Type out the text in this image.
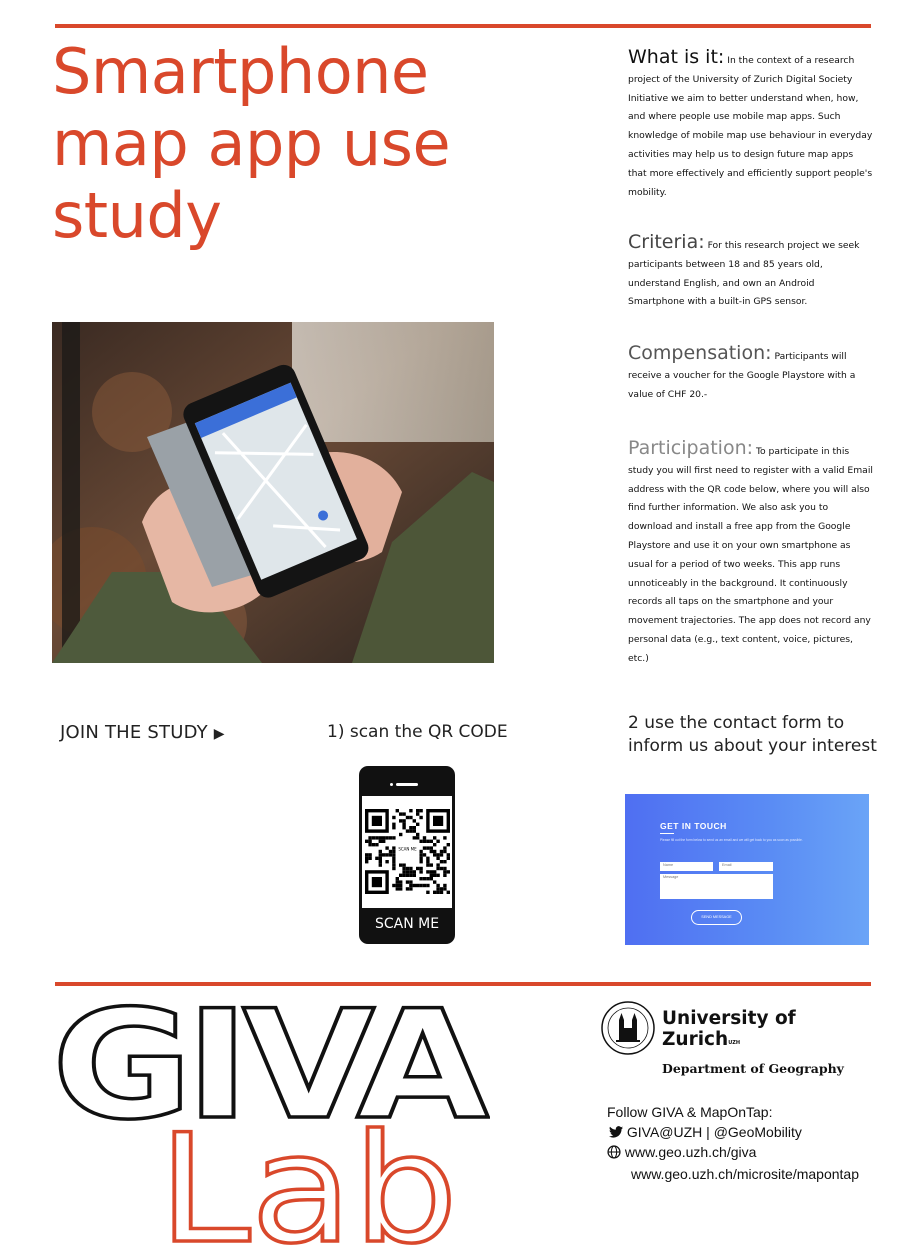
Smartphone
map app use
study
What is it: In the context of a research project of the University of Zurich Digital Society Initiative we aim to better understand when, how, and where people use mobile map apps. Such knowledge of mobile map use behaviour in everyday activities may help us to design future map apps that more effectively and efficiently support people's mobility.
Criteria: For this research project we seek participants between 18 and 85 years old, understand English, and own an Android Smartphone with a built-in GPS sensor.
Compensation: Participants will receive a voucher for the Google Playstore with a value of CHF 20.-
Participation: To participate in this study you will first need to register with a valid Email address with the QR code below, where you will also find further information. We also ask you to download and install a free app from the Google Playstore and use it on your own smartphone as usual for a period of two weeks. This app runs unnoticeably in the background. It continuously records all taps on the smartphone and your movement trajectories. The app does not record any personal data (e.g., text content, voice, pictures, etc.)
JOIN THE STUDY ▶	1) scan the QR CODE
SCAN ME
SCAN ME
2 use the contact form to inform us about your interest
GET IN TOUCH
Please fill out the form below to send us an email and we will get back to you as soon as possible.
Name	Email
Message
SEND MESSAGE
GIVA
Lab
University of
Zurich$^{UZH}$
Department of Geography
Follow GIVA & MapOnTap:
GIVA@UZH | @GeoMobility
www.geo.uzh.ch/giva
www.geo.uzh.ch/microsite/mapontap
